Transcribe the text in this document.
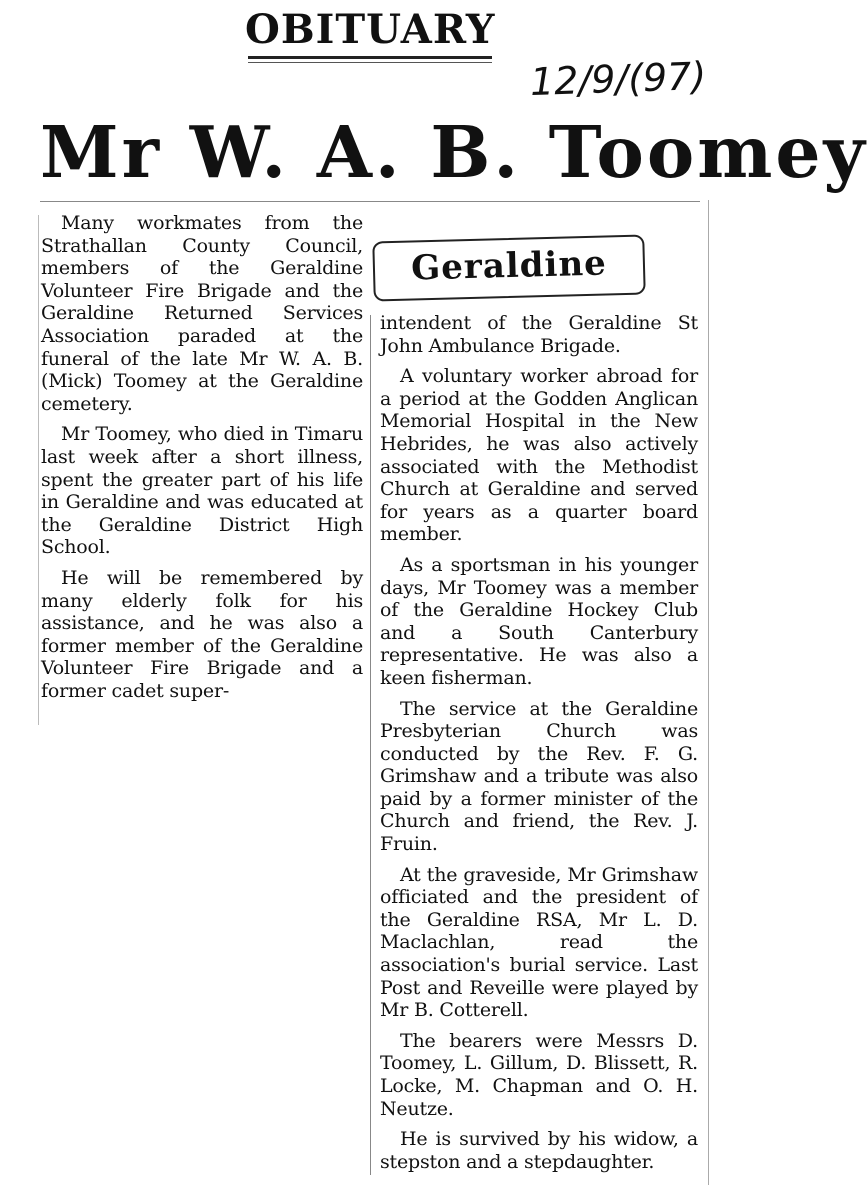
OBITUARY
12/9/(97)
Mr W. A. B. Toomey
Geraldine

Many workmates from the Strathallan County Council, members of the Geraldine Volunteer Fire Brigade and the Geraldine Returned Services Association paraded at the funeral of the late Mr W. A. B. (Mick) Toomey at the Geraldine cemetery.

Mr Toomey, who died in Timaru last week after a short illness, spent the greater part of his life in Geraldine and was educated at the Geraldine District High School.

He will be remembered by many elderly folk for his assistance, and he was also a former member of the Geraldine Volunteer Fire Brigade and a former cadet super-

intendent of the Geraldine St John Ambulance Brigade.

A voluntary worker abroad for a period at the Godden Anglican Memorial Hospital in the New Hebrides, he was also actively associated with the Methodist Church at Geraldine and served for years as a quarter board member.

As a sportsman in his younger days, Mr Toomey was a member of the Geraldine Hockey Club and a South Canterbury representative. He was also a keen fisherman.

The service at the Geraldine Presbyterian Church was conducted by the Rev. F. G. Grimshaw and a tribute was also paid by a former minister of the Church and friend, the Rev. J. Fruin.

At the graveside, Mr Grimshaw officiated and the president of the Geraldine RSA, Mr L. D. Maclachlan, read the association's burial service. Last Post and Reveille were played by Mr B. Cotterell.

The bearers were Messrs D. Toomey, L. Gillum, D. Blissett, R. Locke, M. Chapman and O. H. Neutze.

He is survived by his widow, a stepston and a stepdaughter.
